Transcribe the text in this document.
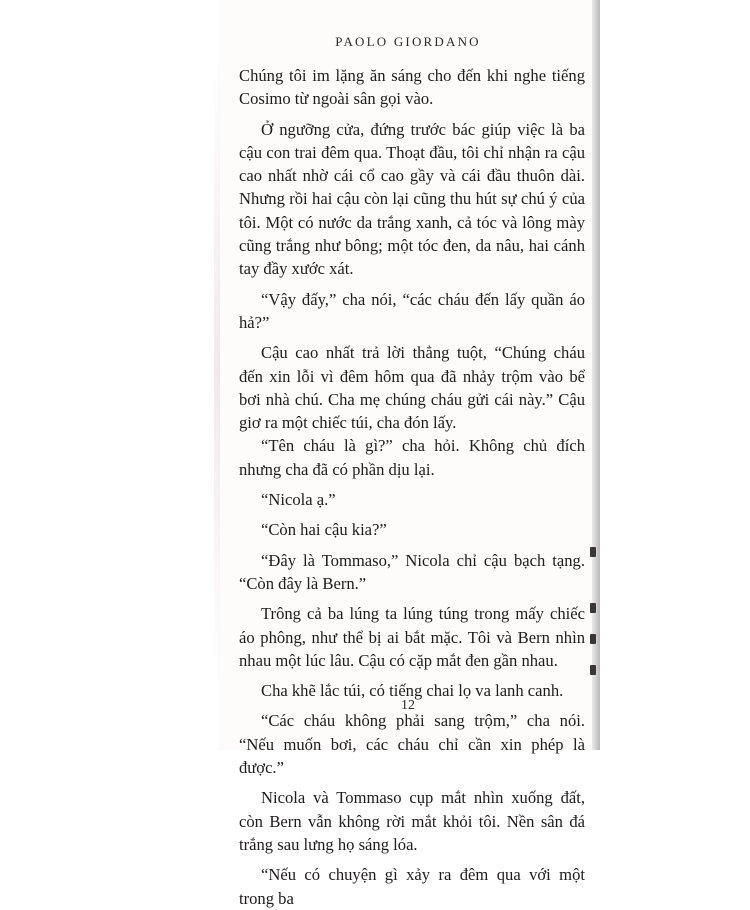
PAOLO GIORDANO

Chúng tôi im lặng ăn sáng cho đến khi nghe tiếng Cosimo từ ngoài sân gọi vào.

Ở ngưỡng cửa, đứng trước bác giúp việc là ba cậu con trai đêm qua. Thoạt đầu, tôi chỉ nhận ra cậu cao nhất nhờ cái cổ cao gầy và cái đầu thuôn dài. Nhưng rồi hai cậu còn lại cũng thu hút sự chú ý của tôi. Một có nước da trắng xanh, cả tóc và lông mày cũng trắng như bông; một tóc đen, da nâu, hai cánh tay đầy xước xát.

“Vậy đấy,” cha nói, “các cháu đến lấy quần áo hả?”

Cậu cao nhất trả lời thẳng tuột, “Chúng cháu đến xin lỗi vì đêm hôm qua đã nhảy trộm vào bể bơi nhà chú. Cha mẹ chúng cháu gửi cái này.” Cậu giơ ra một chiếc túi, cha đón lấy.

“Tên cháu là gì?” cha hỏi. Không chủ đích nhưng cha đã có phần dịu lại.

“Nicola ạ.”

“Còn hai cậu kia?”

“Đây là Tommaso,” Nicola chỉ cậu bạch tạng. “Còn đây là Bern.”

Trông cả ba lúng ta lúng túng trong mấy chiếc áo phông, như thể bị ai bắt mặc. Tôi và Bern nhìn nhau một lúc lâu. Cậu có cặp mắt đen gần nhau.

Cha khẽ lắc túi, có tiếng chai lọ va lanh canh.

“Các cháu không phải sang trộm,” cha nói. “Nếu muốn bơi, các cháu chỉ cần xin phép là được.”

Nicola và Tommaso cụp mắt nhìn xuống đất, còn Bern vẫn không rời mắt khỏi tôi. Nền sân đá trắng sau lưng họ sáng lóa.

“Nếu có chuyện gì xảy ra đêm qua với một trong ba

12
